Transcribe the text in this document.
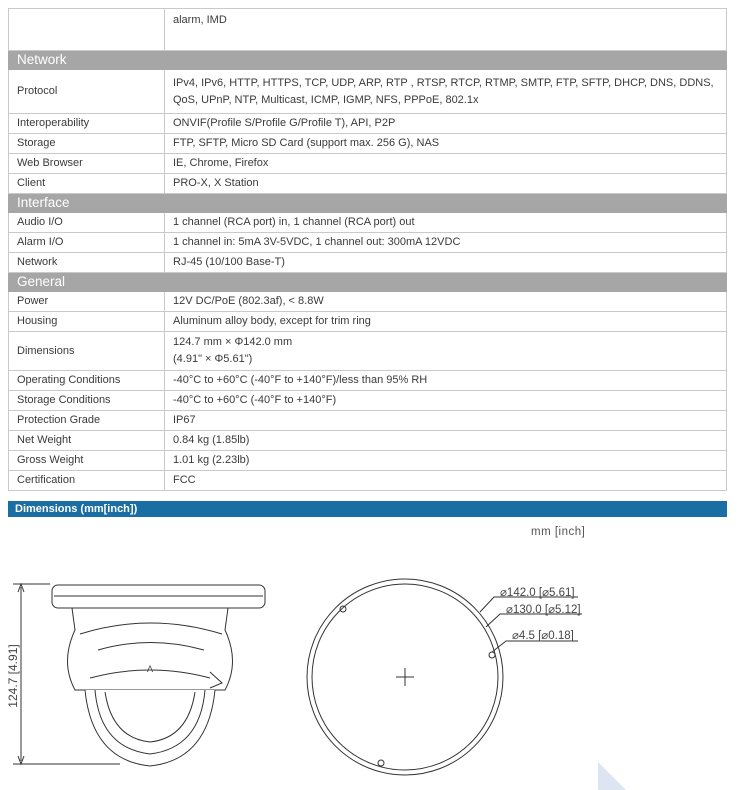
	alarm, IMD

Network	
Protocol	IPv4, IPv6, HTTP, HTTPS, TCP, UDP, ARP, RTP , RTSP, RTCP, RTMP, SMTP, FTP, SFTP, DHCP, DNS, DDNS, QoS, UPnP, NTP, Multicast, ICMP, IGMP, NFS, PPPoE, 802.1x

Interoperability	ONVIF(Profile S/Profile G/Profile T), API, P2P

Storage	FTP, SFTP, Micro SD Card (support max. 256 G), NAS

Web Browser	IE, Chrome, Firefox

Client	PRO-X, X Station

Interface	
Audio I/O	1 channel (RCA port) in, 1 channel (RCA port) out

Alarm I/O	1 channel in: 5mA 3V-5VDC, 1 channel out: 300mA 12VDC

Network	RJ-45 (10/100 Base-T)

General	
Power	12V DC/PoE (802.3af), < 8.8W

Housing	Aluminum alloy body, except for trim ring

Dimensions	124.7 mm × Φ142.0 mm
(4.91" × Φ5.61")

Operating Conditions	-40°C to +60°C (-40°F to +140°F)/less than 95% RH

Storage Conditions	-40°C to +60°C (-40°F to +140°F)

Protection Grade	IP67

Net Weight	0.84 kg (1.85lb)

Gross Weight	1.01 kg (2.23lb)

Certification	FCC
Dimensions (mm[inch])
mm [inch]
A
124.7 [4.91]
⌀142.0 [⌀5.61]
⌀130.0 [⌀5.12]
⌀4.5 [⌀0.18]
